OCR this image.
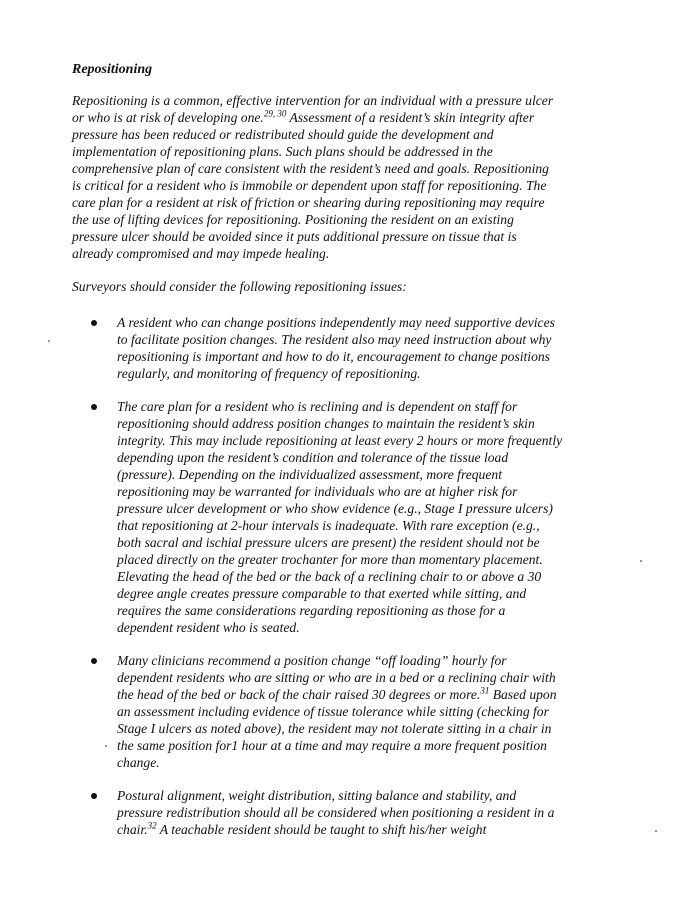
Repositioning
Repositioning is a common, effective intervention for an individual with a pressure ulcer
or who is at risk of developing one.$^{29, 30}$ Assessment of a resident’s skin integrity after
pressure has been reduced or redistributed should guide the development and
implementation of repositioning plans. Such plans should be addressed in the
comprehensive plan of care consistent with the resident’s need and goals. Repositioning
is critical for a resident who is immobile or dependent upon staff for repositioning. The
care plan for a resident at risk of friction or shearing during repositioning may require
the use of lifting devices for repositioning. Positioning the resident on an existing
pressure ulcer should be avoided since it puts additional pressure on tissue that is
already compromised and may impede healing.
Surveyors should consider the following repositioning issues:
A resident who can change positions independently may need supportive devices
to facilitate position changes. The resident also may need instruction about why
repositioning is important and how to do it, encouragement to change positions
regularly, and monitoring of frequency of repositioning.
The care plan for a resident who is reclining and is dependent on staff for
repositioning should address position changes to maintain the resident’s skin
integrity. This may include repositioning at least every 2 hours or more frequently
depending upon the resident’s condition and tolerance of the tissue load
(pressure). Depending on the individualized assessment, more frequent
repositioning may be warranted for individuals who are at higher risk for
pressure ulcer development or who show evidence (e.g., Stage I pressure ulcers)
that repositioning at 2-hour intervals is inadequate. With rare exception (e.g.,
both sacral and ischial pressure ulcers are present) the resident should not be
placed directly on the greater trochanter for more than momentary placement.
Elevating the head of the bed or the back of a reclining chair to or above a 30
degree angle creates pressure comparable to that exerted while sitting, and
requires the same considerations regarding repositioning as those for a
dependent resident who is seated.
Many clinicians recommend a position change “off loading” hourly for
dependent residents who are sitting or who are in a bed or a reclining chair with
the head of the bed or back of the chair raised 30 degrees or more.$^{31}$ Based upon
an assessment including evidence of tissue tolerance while sitting (checking for
Stage I ulcers as noted above), the resident may not tolerate sitting in a chair in
the same position for1 hour at a time and may require a more frequent position
change.
Postural alignment, weight distribution, sitting balance and stability, and
pressure redistribution should all be considered when positioning a resident in a
chair.$^{32}$ A teachable resident should be taught to shift his/her weight
